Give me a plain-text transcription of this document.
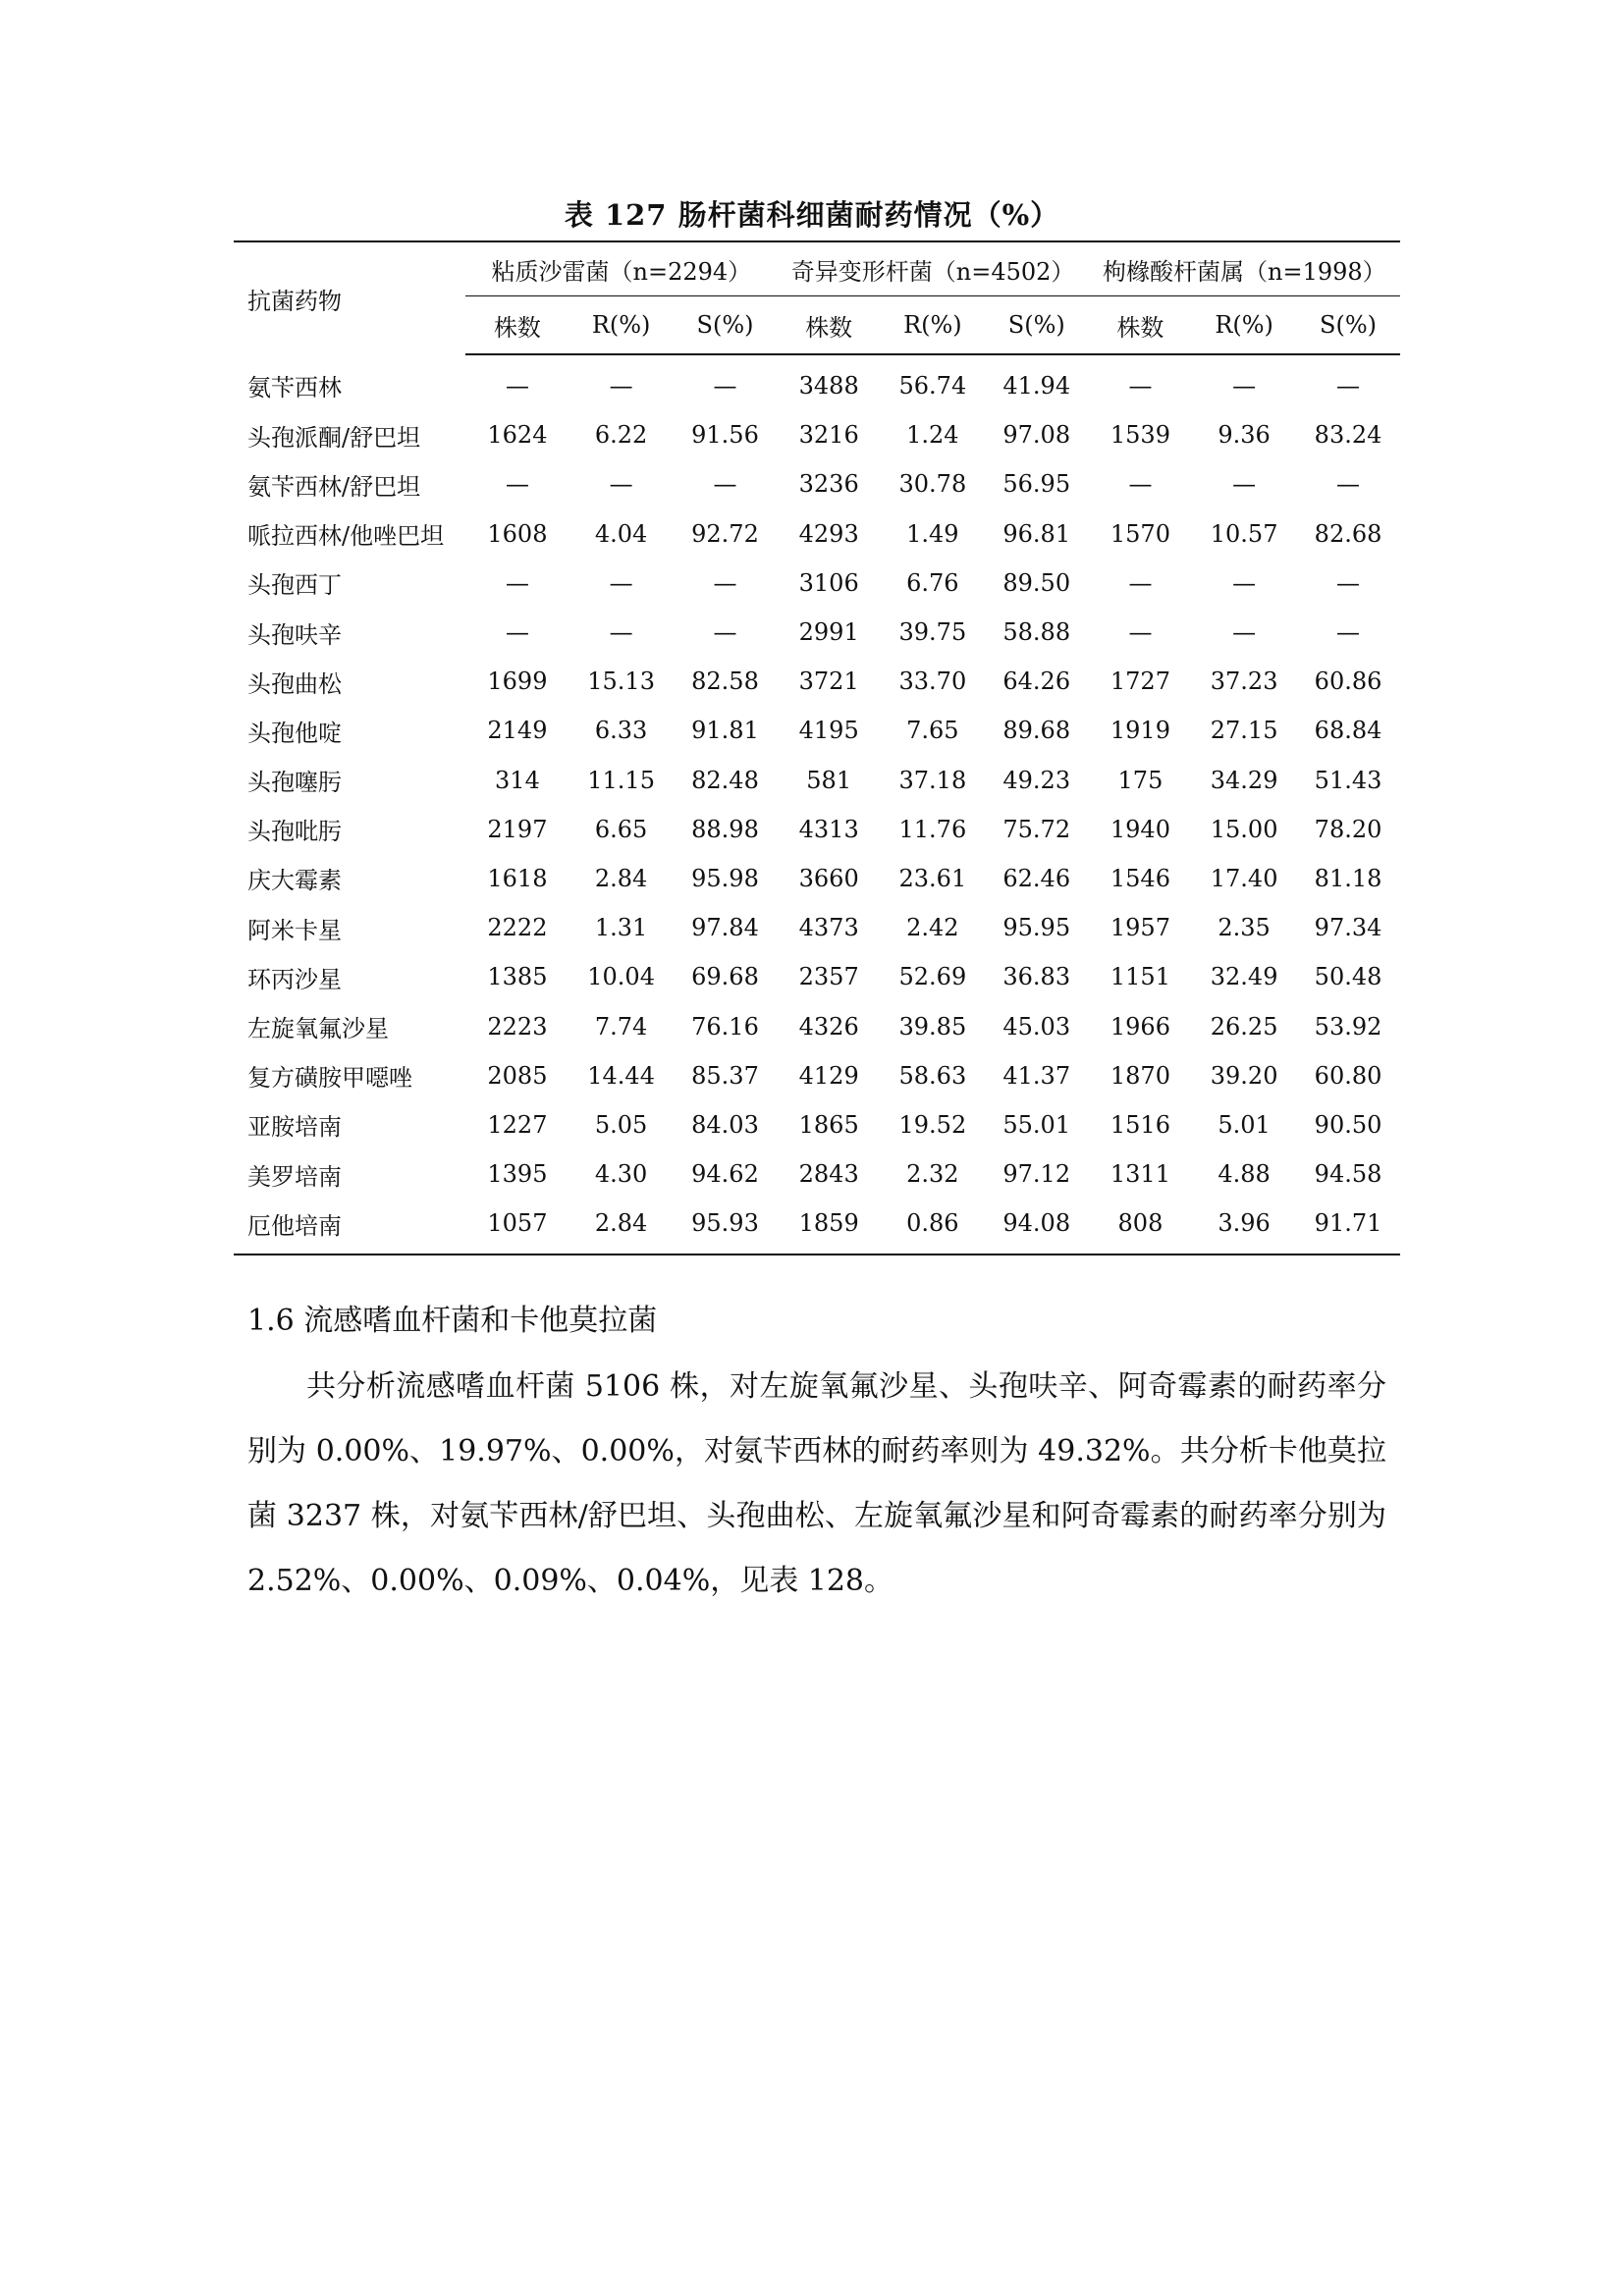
表 127 肠杆菌科细菌耐药情况（%）
抗菌药物	粘质沙雷菌（n=2294）			奇异变形杆菌（n=4502）			枸橼酸杆菌属（n=1998）		
	株数	R(%)	S(%)	株数	R(%)	S(%)	株数	R(%)	S(%)
氨苄西林	—	—	—	3488	56.74	41.94	—	—	—
头孢派酮/舒巴坦	1624	6.22	91.56	3216	1.24	97.08	1539	9.36	83.24
氨苄西林/舒巴坦	—	—	—	3236	30.78	56.95	—	—	—
哌拉西林/他唑巴坦	1608	4.04	92.72	4293	1.49	96.81	1570	10.57	82.68
头孢西丁	—	—	—	3106	6.76	89.50	—	—	—
头孢呋辛	—	—	—	2991	39.75	58.88	—	—	—
头孢曲松	1699	15.13	82.58	3721	33.70	64.26	1727	37.23	60.86
头孢他啶	2149	6.33	91.81	4195	7.65	89.68	1919	27.15	68.84
头孢噻肟	314	11.15	82.48	581	37.18	49.23	175	34.29	51.43
头孢吡肟	2197	6.65	88.98	4313	11.76	75.72	1940	15.00	78.20
庆大霉素	1618	2.84	95.98	3660	23.61	62.46	1546	17.40	81.18
阿米卡星	2222	1.31	97.84	4373	2.42	95.95	1957	2.35	97.34
环丙沙星	1385	10.04	69.68	2357	52.69	36.83	1151	32.49	50.48
左旋氧氟沙星	2223	7.74	76.16	4326	39.85	45.03	1966	26.25	53.92
复方磺胺甲噁唑	2085	14.44	85.37	4129	58.63	41.37	1870	39.20	60.80
亚胺培南	1227	5.05	84.03	1865	19.52	55.01	1516	5.01	90.50
美罗培南	1395	4.30	94.62	2843	2.32	97.12	1311	4.88	94.58
厄他培南	1057	2.84	95.93	1859	0.86	94.08	808	3.96	91.71
1.6 流感嗜血杆菌和卡他莫拉菌

共分析流感嗜血杆菌 5106 株，对左旋氧氟沙星、头孢呋辛、阿奇霉素的耐药率分别为 0.00%、19.97%、0.00%，对氨苄西林的耐药率则为 49.32%。共分析卡他莫拉菌 3237 株，对氨苄西林/舒巴坦、头孢曲松、左旋氧氟沙星和阿奇霉素的耐药率分别为 2.52%、0.00%、0.09%、0.04%，见表 128。
